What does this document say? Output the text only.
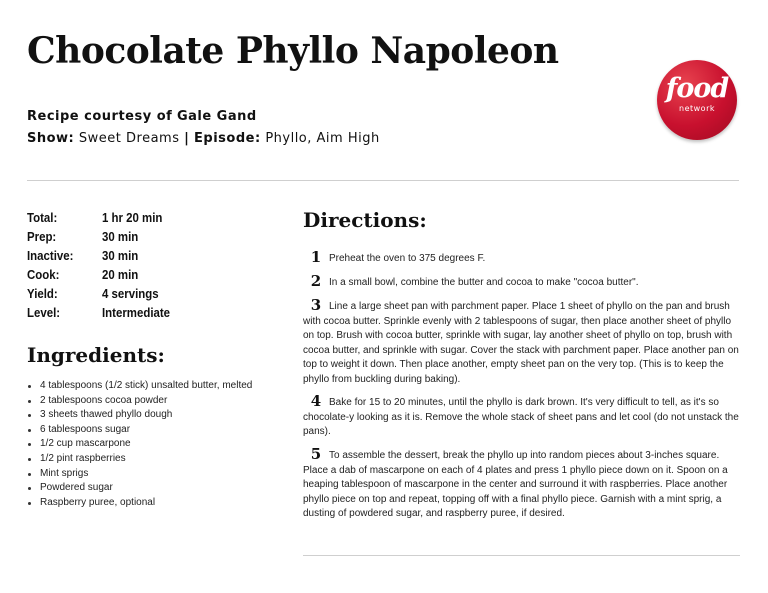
Chocolate Phyllo Napoleon
food
network
Recipe courtesy of Gale Gand
Show: Sweet Dreams | Episode: Phyllo, Aim High
Total:	1 hr 20 min
Prep:	30 min
Inactive:	30 min
Cook:	20 min
Yield:	4 servings
Level:	Intermediate
Ingredients:
4 tablespoons (1/2 stick) unsalted butter, melted
2 tablespoons cocoa powder
3 sheets thawed phyllo dough
6 tablespoons sugar
1/2 cup mascarpone
1/2 pint raspberries
Mint sprigs
Powdered sugar
Raspberry puree, optional
Directions:
1 Preheat the oven to 375 degrees F.
2 In a small bowl, combine the butter and cocoa to make "cocoa butter".
3 Line a large sheet pan with parchment paper. Place 1 sheet of phyllo on the pan and brush with cocoa butter. Sprinkle evenly with 2 tablespoons of sugar, then place another sheet of phyllo on top. Brush with cocoa butter, sprinkle with sugar, lay another sheet of phyllo on top, brush with cocoa butter, and sprinkle with sugar. Cover the stack with parchment paper. Place another pan on top to weight it down. Then place another, empty sheet pan on the very top. (This is to keep the phyllo from buckling during baking).
4 Bake for 15 to 20 minutes, until the phyllo is dark brown. It's very difficult to tell, as it's so chocolate-y looking as it is. Remove the whole stack of sheet pans and let cool (do not unstack the pans).
5 To assemble the dessert, break the phyllo up into random pieces about 3-inches square. Place a dab of mascarpone on each of 4 plates and press 1 phyllo piece down on it. Spoon on a heaping tablespoon of mascarpone in the center and surround it with raspberries. Place another phyllo piece on top and repeat, topping off with a final phyllo piece. Garnish with a mint sprig, a dusting of powdered sugar, and raspberry puree, if desired.
